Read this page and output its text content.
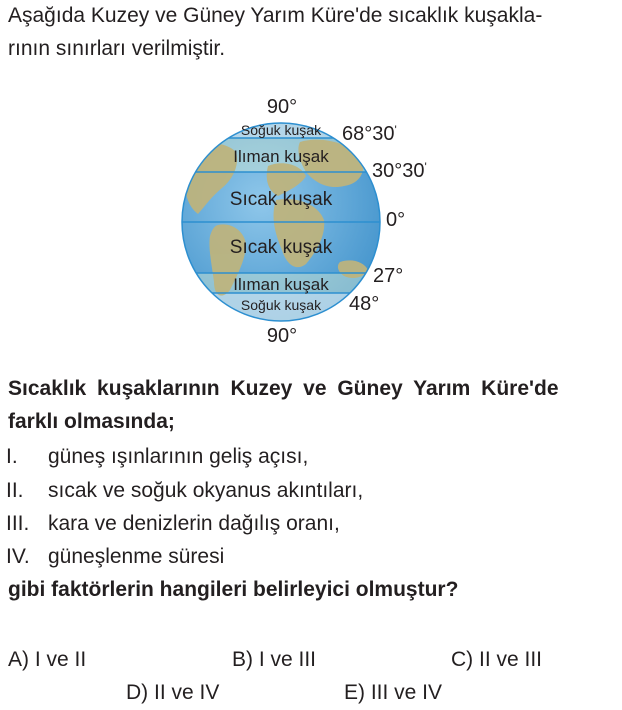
Aşağıda Kuzey ve Güney Yarım Küre'de sıcaklık kuşakla-

rının sınırları verilmiştir.

Soğuk kuşak
Ilıman kuşak
Sıcak kuşak
Sıcak kuşak
Ilıman kuşak
Soğuk kuşak
90°
90°
68°30'
30°30'
0°
27°
48°

Sıcaklık kuşaklarının Kuzey ve Güney Yarım Küre'de

farklı olmasında;

I. güneş ışınlarının geliş açısı,
II. sıcak ve soğuk okyanus akıntıları,
III. kara ve denizlerin dağılış oranı,
IV. güneşlenme süresi

gibi faktörlerin hangileri belirleyici olmuştur?

A) I ve II	B) I ve III	C) II ve III
D) II ve IV	E) III ve IV
